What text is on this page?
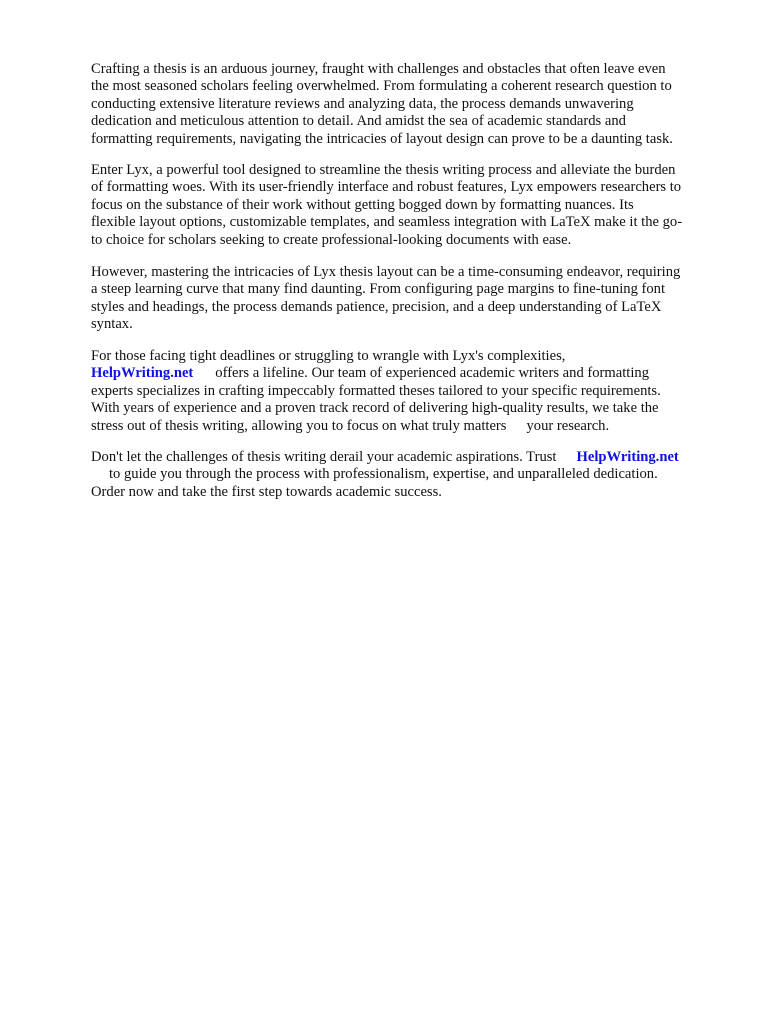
Crafting a thesis is an arduous journey, fraught with challenges and obstacles that often leave even
the most seasoned scholars feeling overwhelmed. From formulating a coherent research question to
conducting extensive literature reviews and analyzing data, the process demands unwavering
dedication and meticulous attention to detail. And amidst the sea of academic standards and
formatting requirements, navigating the intricacies of layout design can prove to be a daunting task.

Enter Lyx, a powerful tool designed to streamline the thesis writing process and alleviate the burden
of formatting woes. With its user-friendly interface and robust features, Lyx empowers researchers to
focus on the substance of their work without getting bogged down by formatting nuances. Its
flexible layout options, customizable templates, and seamless integration with LaTeX make it the go-
to choice for scholars seeking to create professional-looking documents with ease.

However, mastering the intricacies of Lyx thesis layout can be a time-consuming endeavor, requiring
a steep learning curve that many find daunting. From configuring page margins to fine-tuning font
styles and headings, the process demands patience, precision, and a deep understanding of LaTeX
syntax.

For those facing tight deadlines or struggling to wrangle with Lyx's complexities,
HelpWriting.net offers a lifeline. Our team of experienced academic writers and formatting
experts specializes in crafting impeccably formatted theses tailored to your specific requirements.
With years of experience and a proven track record of delivering high-quality results, we take the
stress out of thesis writing, allowing you to focus on what truly matters your research.

Don't let the challenges of thesis writing derail your academic aspirations. Trust HelpWriting.net
to guide you through the process with professionalism, expertise, and unparalleled dedication.
Order now and take the first step towards academic success.
